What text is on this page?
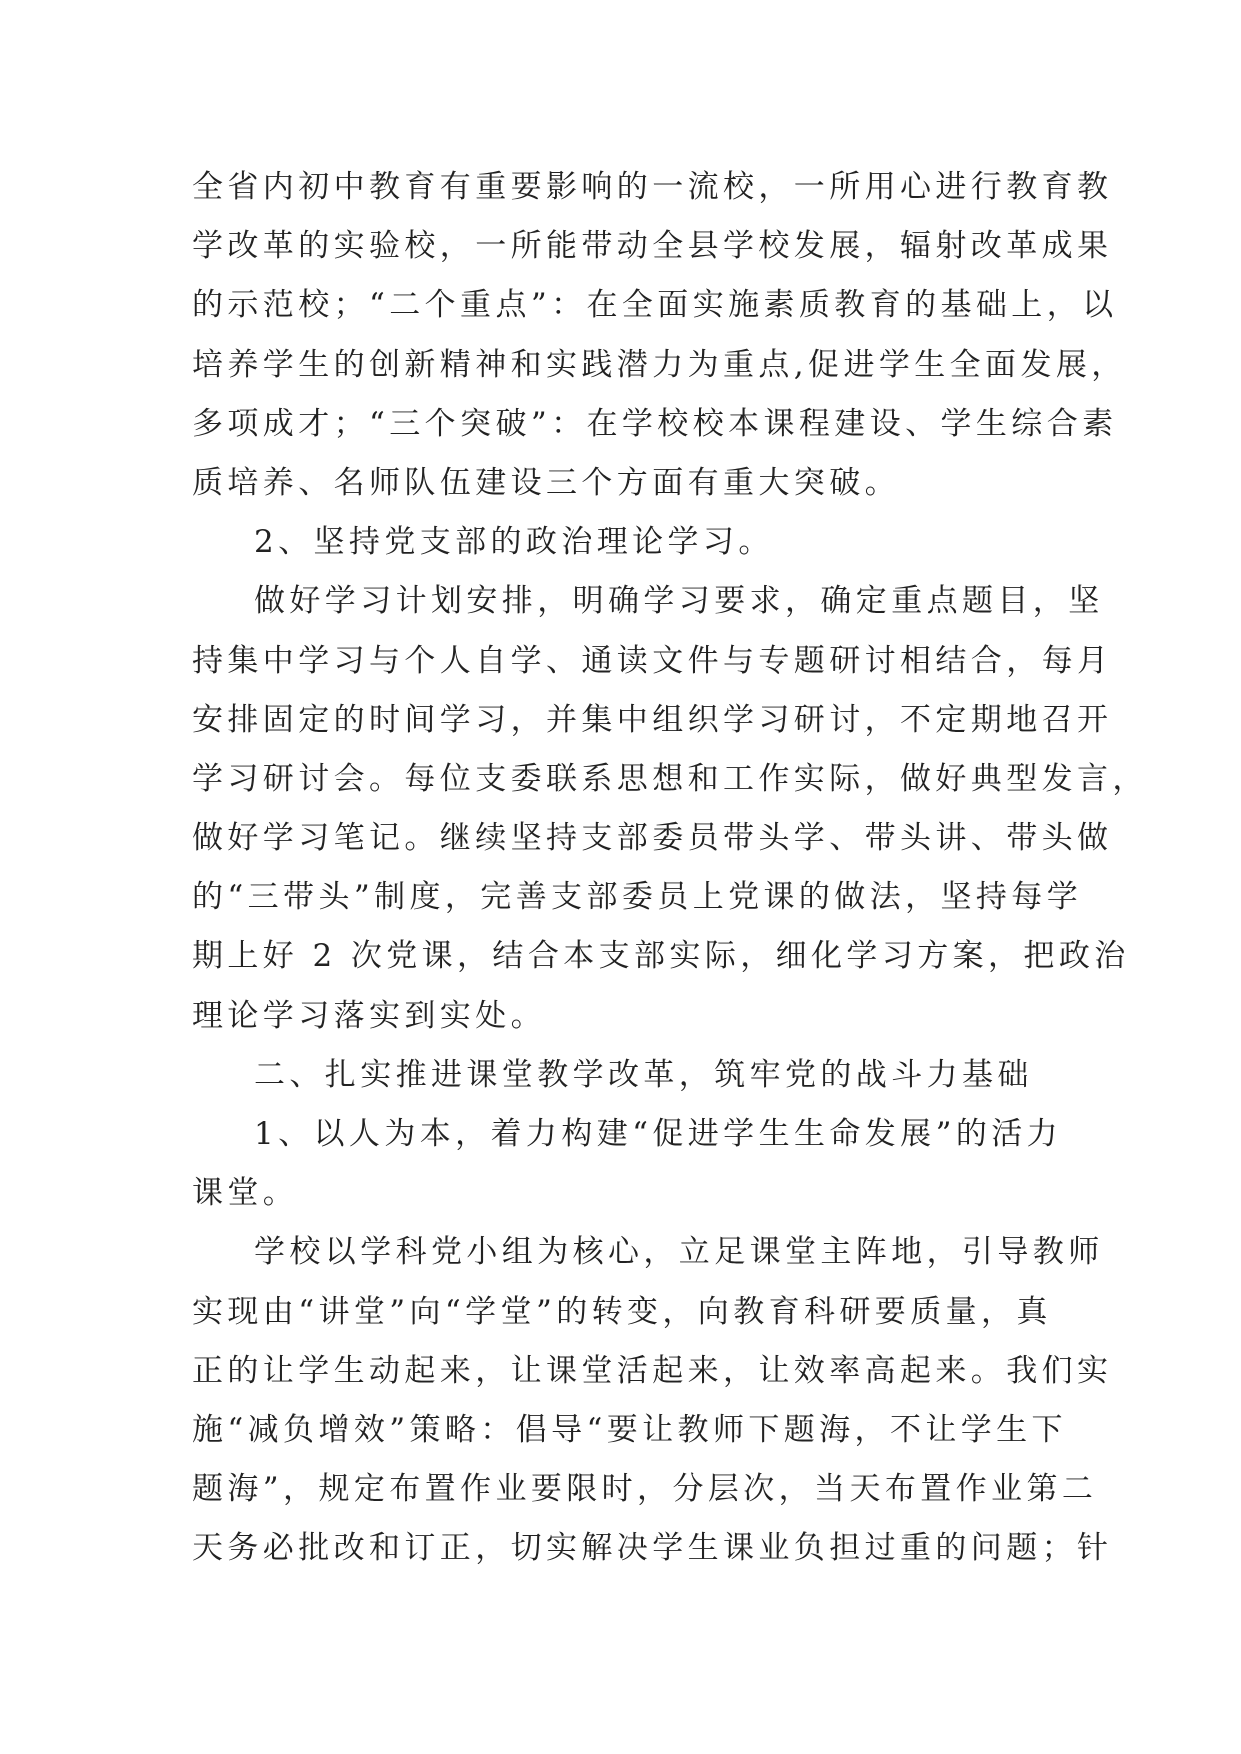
全省内初中教育有重要影响的一流校，一所用心进行教育教
学改革的实验校，一所能带动全县学校发展，辐射改革成果
的示范校；“二个重点”：在全面实施素质教育的基础上，以
培养学生的创新精神和实践潜力为重点,促进学生全面发展，
多项成才；“三个突破”：在学校校本课程建设、学生综合素
质培养、名师队伍建设三个方面有重大突破。
2、坚持党支部的政治理论学习。
做好学习计划安排，明确学习要求，确定重点题目，坚
持集中学习与个人自学、通读文件与专题研讨相结合，每月
安排固定的时间学习，并集中组织学习研讨，不定期地召开
学习研讨会。每位支委联系思想和工作实际，做好典型发言，
做好学习笔记。继续坚持支部委员带头学、带头讲、带头做
的“三带头”制度，完善支部委员上党课的做法，坚持每学
期上好 2 次党课，结合本支部实际，细化学习方案，把政治
理论学习落实到实处。
二、扎实推进课堂教学改革，筑牢党的战斗力基础
1、以人为本，着力构建“促进学生生命发展”的活力
课堂。
学校以学科党小组为核心，立足课堂主阵地，引导教师
实现由“讲堂”向“学堂”的转变，向教育科研要质量，真
正的让学生动起来，让课堂活起来，让效率高起来。我们实
施“减负增效”策略：倡导“要让教师下题海，不让学生下
题海”，规定布置作业要限时，分层次，当天布置作业第二
天务必批改和订正，切实解决学生课业负担过重的问题；针
